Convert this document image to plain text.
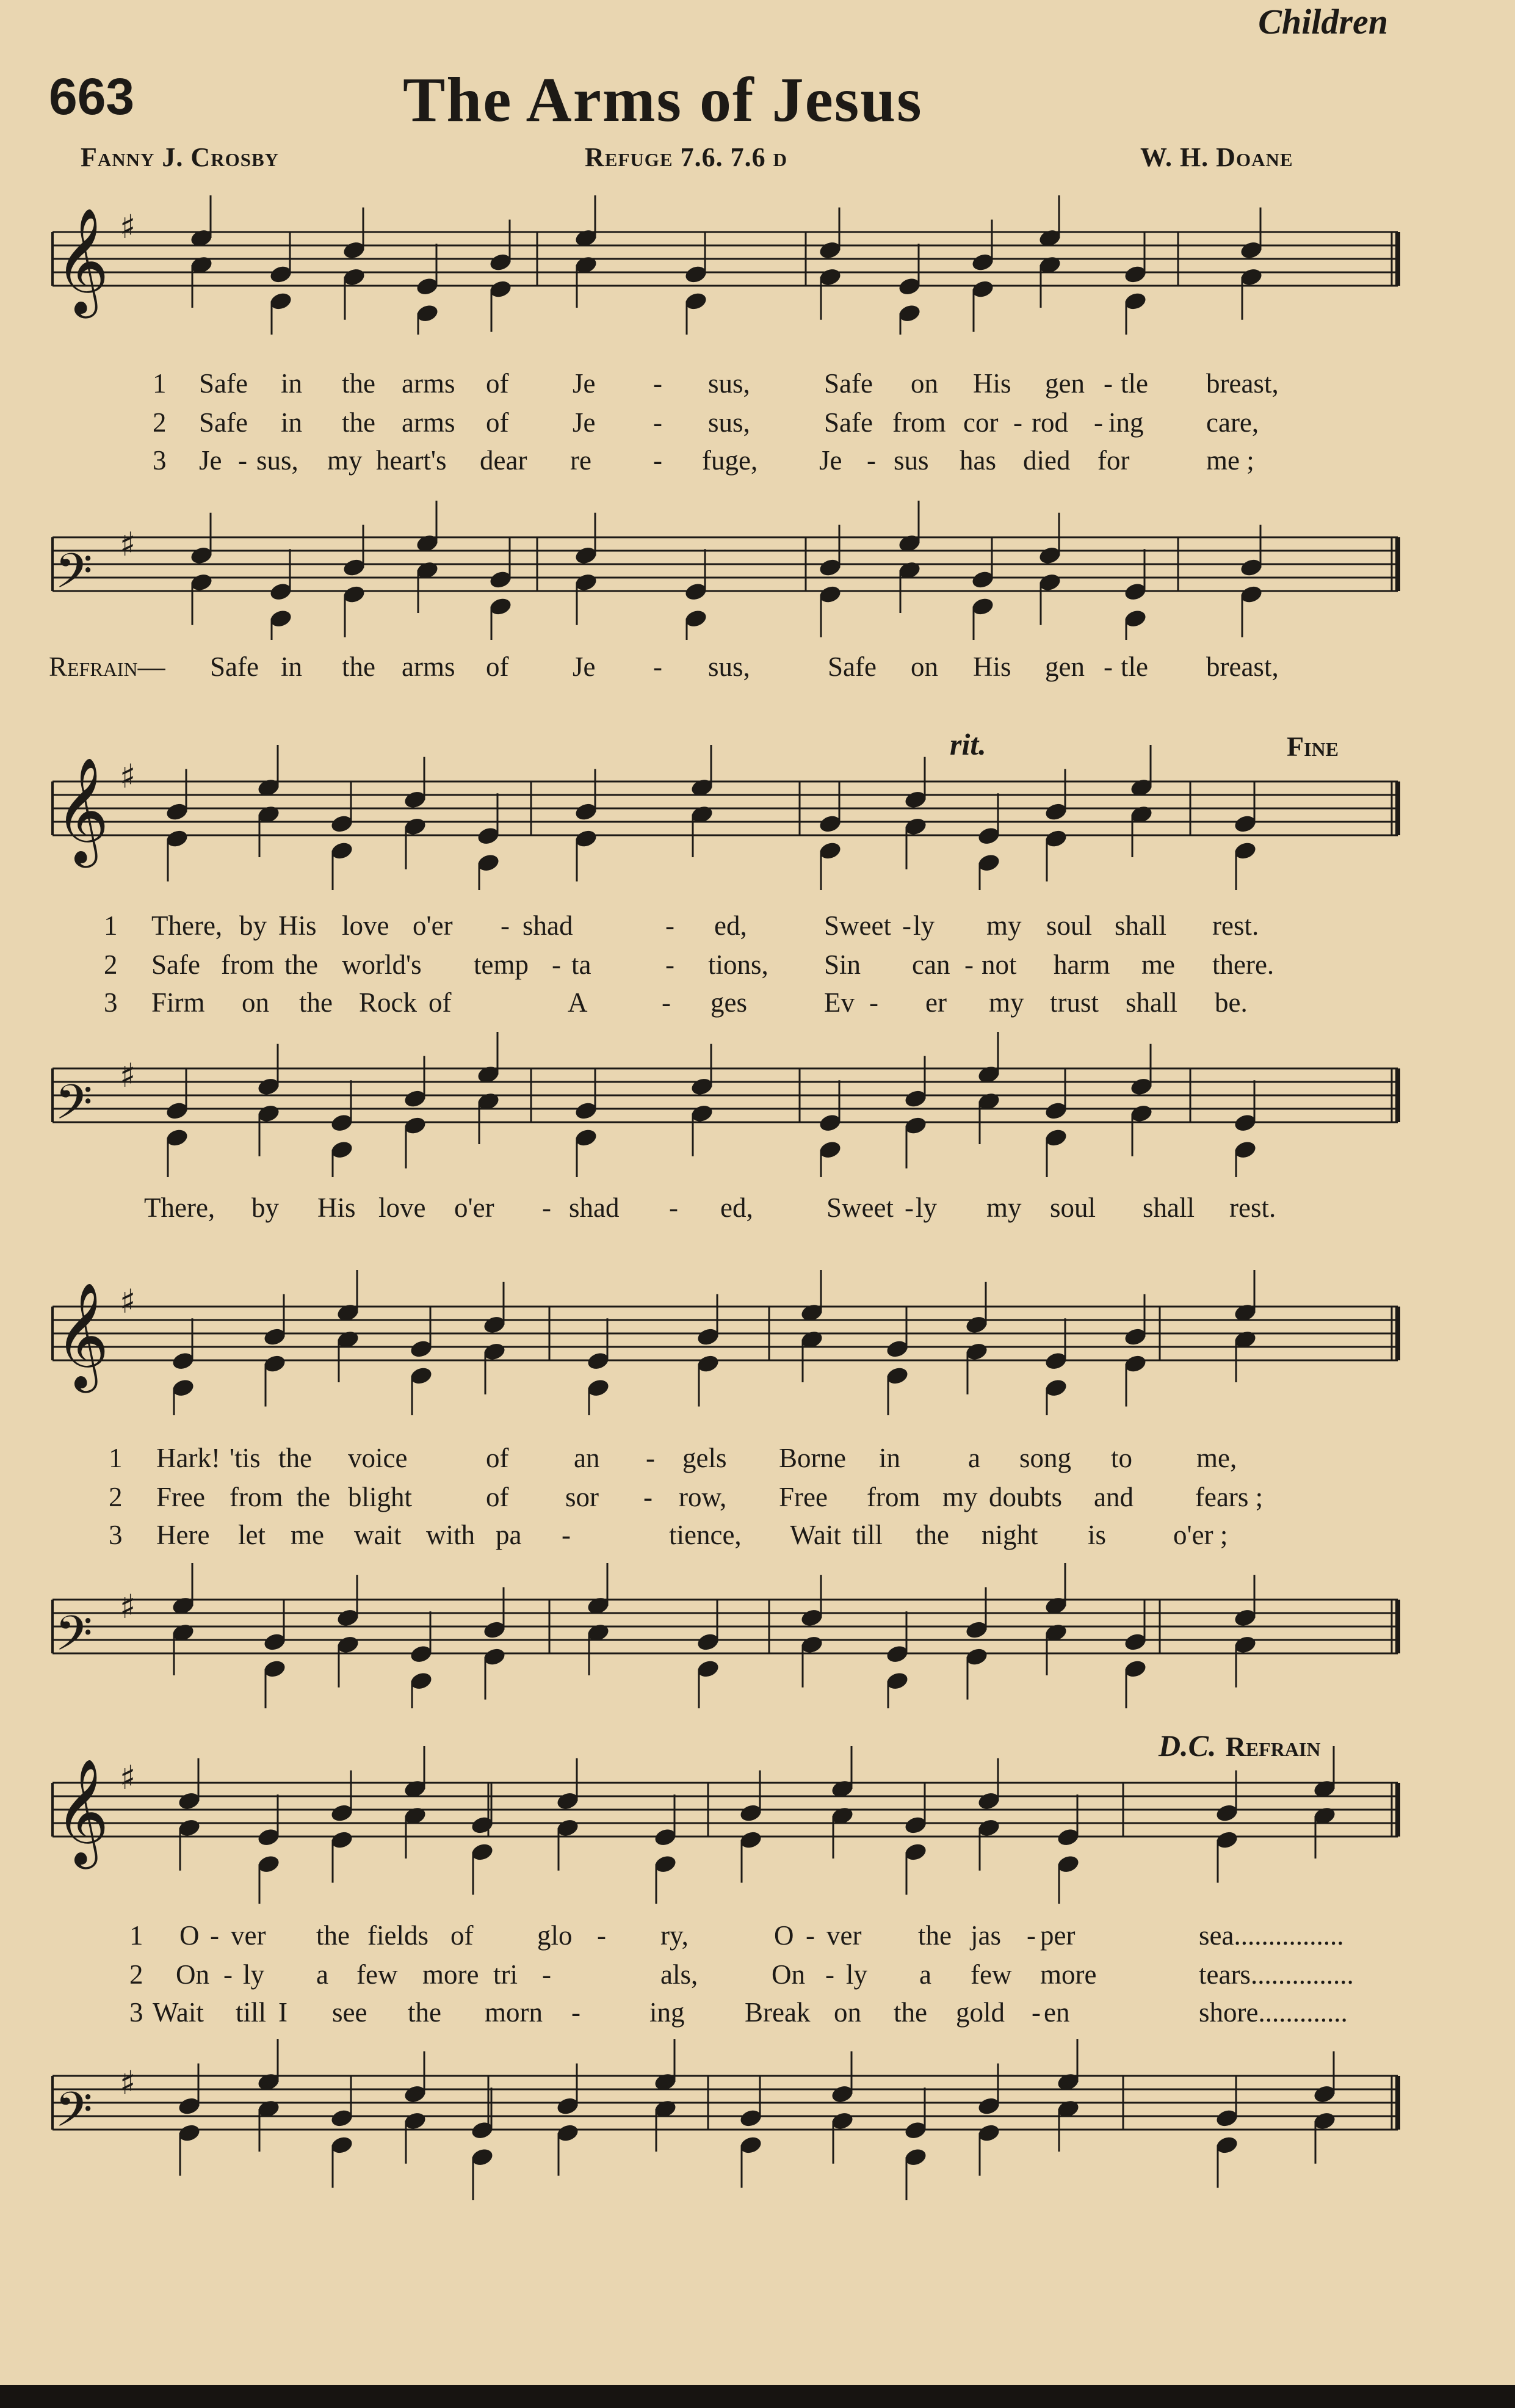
Children
663	The Arms of Jesus
Fanny J. Crosby	Refuge 7.6. 7.6 d	W. H. Doane
𝄞 ♯
1 Safe in the arms of Je - sus,	Safe on His gen - tle breast,
2 Safe in the arms of Je - sus,	Safe from cor - rod - ing care,
3 Je - sus, my heart's dear re - fuge, Je - sus has died for	me ;
𝄢 ♯
Refrain— Safe in the arms of Je - sus,	Safe on His gen - tle breast,
rit.	Fine
𝄞 ♯
1 There, by His love o'er - shad	- ed,	Sweet - ly my soul shall rest.
2 Safe from the world's temp - ta	- tions, Sin can - not harm me there.
3 Firm on the Rock of	A	- ges	Ev - er my trust shall be.
𝄢 ♯
There, by His love o'er - shad - ed,	Sweet - ly my soul shall rest.
𝄞 ♯
1 Hark! 'tis the voice	of an - gels Borne in a song to me,
2 Free from the blight	of sor - row, Free from my doubts and fears ;
3 Here let me wait with pa -	tience, Wait till the night is o'er ;
𝄢 ♯
D.C. Refrain
𝄞 ♯
1 O - ver the fields of glo - ry,	O - ver the jas - per	sea................
2 On - ly a few more tri -	als,	On - ly a few more	tears...............
3 Wait till I see the morn -	ing Break on the gold - en	shore.............
𝄢 ♯
